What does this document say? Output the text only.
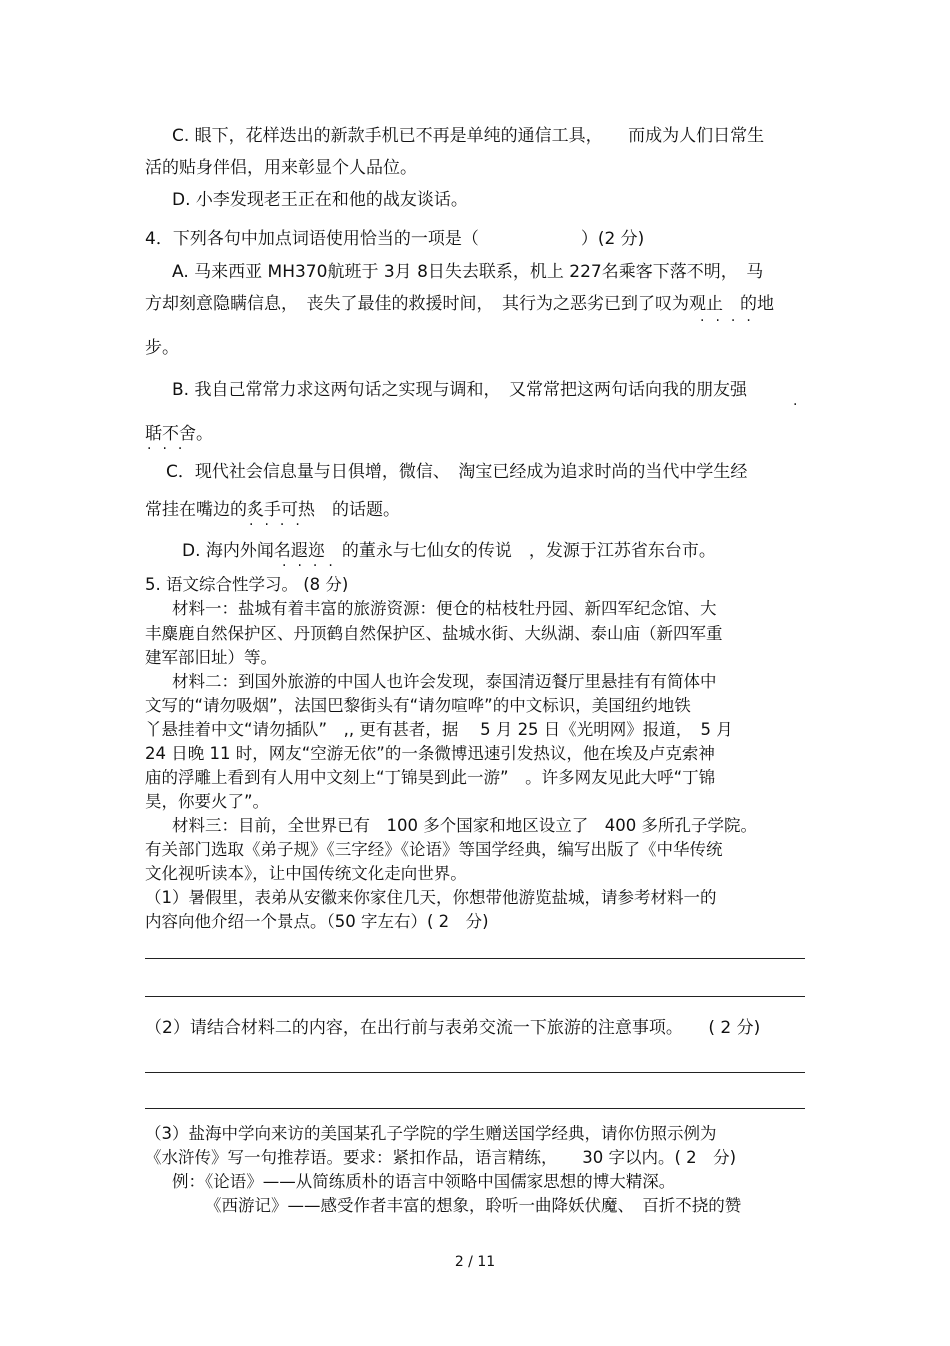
C. 眼下，花样迭出的新款手机已不再是单纯的通信工具，　　而成为人们日常生
活的贴身伴侣，用来彰显个人品位。
D. 小李发现老王正在和他的战友谈话。
4．下列各句中加点词语使用恰当的一项是（　　　　　　）(2 分)
A. 马来西亚 MH370航班于 3月 8日失去联系，机上 227名乘客下落不明，　马
方却刻意隐瞒信息，　丧失了最佳的救援时间，　其行为之恶劣已到了叹为观止　的地
····
步。
B. 我自己常常力求这两句话之实现与调和，　又常常把这两句话向我的朋友强
·
聒不舍。
···
C．现代社会信息量与日俱增，微信、　淘宝已经成为追求时尚的当代中学生经
常挂在嘴边的炙手可热　的话题。
····
D. 海内外闻名遐迩　的董永与七仙女的传说　，发源于江苏省东台市。
····
5. 语文综合性学习。 (8 分)
材料一：盐城有着丰富的旅游资源：便仓的枯枝牡丹园、新四军纪念馆、大
丰麋鹿自然保护区、丹顶鹤自然保护区、盐城水街、大纵湖、泰山庙（新四军重
建军部旧址）等。
材料二：到国外旅游的中国人也许会发现，泰国清迈餐厅里悬挂有有简体中
文写的“请勿吸烟”，法国巴黎街头有“请勿喧哗”的中文标识，美国纽约地铁
丫悬挂着中文“请勿插队”　,, 更有甚者，据　 5 月 25 日《光明网》报道，　5 月
24 日晚 11 时，网友“空游无依”的一条微博迅速引发热议，他在埃及卢克索神
庙的浮雕上看到有人用中文刻上“丁锦昊到此一游”　。许多网友见此大呼“丁锦
昊，你要火了”。
材料三：目前，全世界已有　100 多个国家和地区设立了　400 多所孔子学院。
有关部门选取《弟子规》《三字经》《论语》等国学经典，编写出版了《中华传统
文化视听读本》，让中国传统文化走向世界。
（1）暑假里，表弟从安徽来你家住几天，你想带他游览盐城，请参考材料一的
内容向他介绍一个景点。（50 字左右）( 2　分)
（2）请结合材料二的内容，在出行前与表弟交流一下旅游的注意事项。　　( 2 分)
（3）盐海中学向来访的美国某孔子学院的学生赠送国学经典，请你仿照示例为
《水浒传》写一句推荐语。要求：紧扣作品，语言精练，　　30 字以内。( 2　分)
例：《论语》——从简练质朴的语言中领略中国儒家思想的博大精深。
《西游记》——感受作者丰富的想象，聆听一曲降妖伏魔、　百折不挠的赞
2 / 11
